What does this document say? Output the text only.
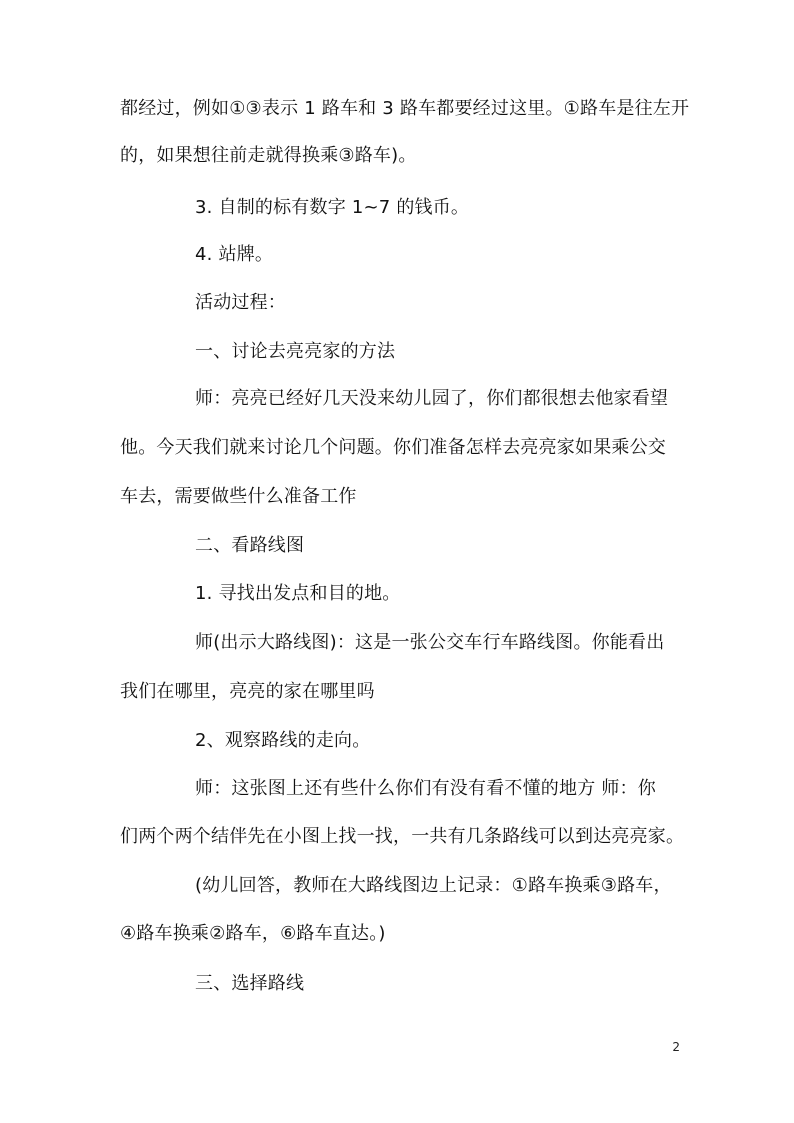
都经过，例如①③表示 1 路车和 3 路车都要经过这里。①路车是往左开
的，如果想往前走就得换乘③路车)。
3. 自制的标有数字 1~7 的钱币。
4. 站牌。
活动过程：
一、讨论去亮亮家的方法
师：亮亮已经好几天没来幼儿园了，你们都很想去他家看望
他。今天我们就来讨论几个问题。你们准备怎样去亮亮家如果乘公交
车去，需要做些什么准备工作
二、看路线图
1. 寻找出发点和目的地。
师(出示大路线图)：这是一张公交车行车路线图。你能看出
我们在哪里，亮亮的家在哪里吗
2、观察路线的走向。
师：这张图上还有些什么你们有没有看不懂的地方 师：你
们两个两个结伴先在小图上找一找，一共有几条路线可以到达亮亮家。
(幼儿回答，教师在大路线图边上记录：①路车换乘③路车，
④路车换乘②路车，⑥路车直达。)
三、选择路线
2
